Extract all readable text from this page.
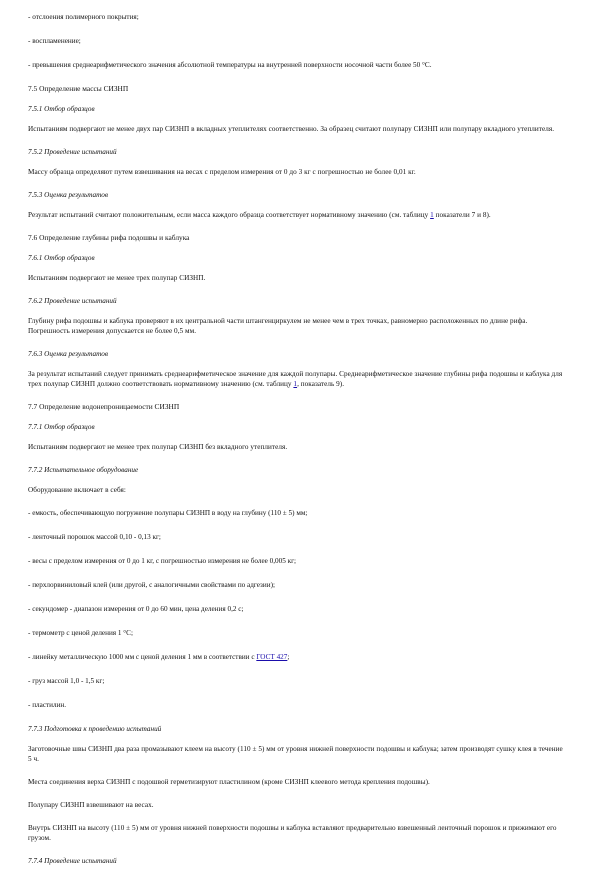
- отслоения полимерного покрытия;

- воспламенение;

- превышения среднеарифметического значения абсолютной температуры на внутренней поверхности носочной части более 50 °С.

7.5 Определение массы СИЗНП

7.5.1 Отбор образцов

Испытаниям подвергают не менее двух пар СИЗНП в вкладных утеплителях соответственно. За образец считают полупару СИЗНП или полупару вкладного утеплителя.

7.5.2 Проведение испытаний

Массу образца определяют путем взвешивания на весах с пределом измерения от 0 до 3 кг с погрешностью не более 0,01 кг.

7.5.3 Оценка результатов

Результат испытаний считают положительным, если масса каждого образца соответствует нормативному значению (см. таблицу 1 показатели 7 и 8).

7.6 Определение глубины рифа подошвы и каблука

7.6.1 Отбор образцов

Испытаниям подвергают не менее трех полупар СИЗНП.

7.6.2 Проведение испытаний

Глубину рифа подошвы и каблука проверяют в их центральной части штангенциркулем не менее чем в трех точках, равномерно расположенных по длине рифа. Погрешность измерения допускается не более 0,5 мм.

7.6.3 Оценка результатов

За результат испытаний следует принимать среднеарифметическое значение для каждой полупары. Среднеарифметическое значение глубины рифа подошвы и каблука для трех полупар СИЗНП должно соответствовать нормативному значению (см. таблицу 1, показатель 9).

7.7 Определение водонепроницаемости СИЗНП

7.7.1 Отбор образцов

Испытаниям подвергают не менее трех полупар СИЗНП без вкладного утеплителя.

7.7.2 Испытательное оборудование

Оборудование включает в себя:

- емкость, обеспечивающую погружение полупары СИЗНП в воду на глубину (110 ± 5) мм;

- ленточный порошок массой 0,10 - 0,13 кг;

- весы с пределом измерения от 0 до 1 кг, с погрешностью измерения не более 0,005 кг;

- перхлорвиниловый клей (или другой, с аналогичными свойствами по адгезии);

- секундомер - диапазон измерения от 0 до 60 мин, цена деления 0,2 с;

- термометр с ценой деления 1 °С;

- линейку металлическую 1000 мм с ценой деления 1 мм в соответствии с ГОСТ 427;

- груз массой 1,0 - 1,5 кг;

- пластилин.

7.7.3 Подготовка к проведению испытаний

Заготовочные швы СИЗНП два раза промазывают клеем на высоту (110 ± 5) мм от уровня нижней поверхности подошвы и каблука; затем производят сушку клея в течение 5 ч.

Места соединения верха СИЗНП с подошвой герметизируют пластилином (кроме СИЗНП клеевого метода крепления подошвы).

Полупару СИЗНП взвешивают на весах.

Внутрь СИЗНП на высоту (110 ± 5) мм от уровня нижней поверхности подошвы и каблука вставляют предварительно взвешенный ленточный порошок и прижимают его грузом.

7.7.4 Проведение испытаний
